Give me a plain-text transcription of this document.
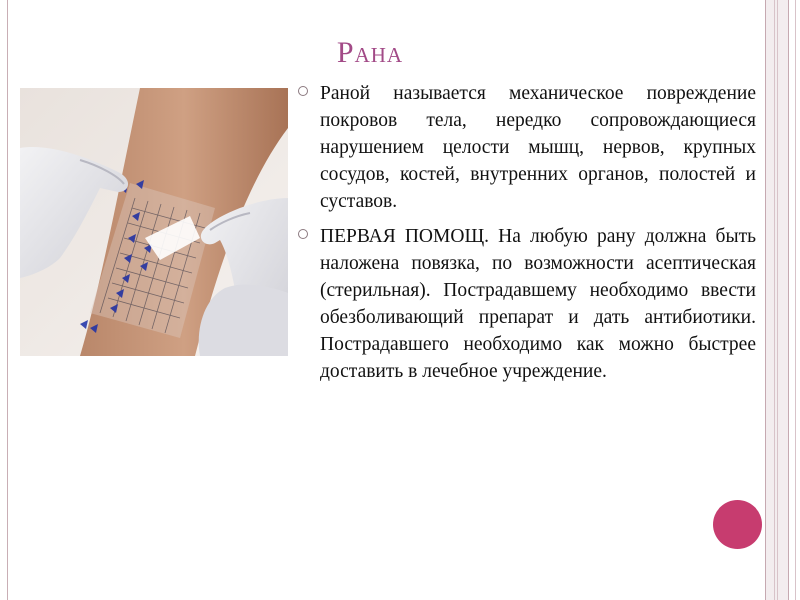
Рана
Раной называется механическое повреждение покровов тела, нередко сопровождающиеся нарушением целости мышц, нервов, крупных сосудов, костей, внутренних органов, полостей и суставов.
ПЕРВАЯ ПОМОЩ. На любую рану должна быть наложена повязка, по возможности асептическая (стерильная). Пострадавшему необходимо ввести обезболивающий препарат и дать антибиотики. Пострадавшего необходимо как можно быстрее доставить в лечебное учреждение.
